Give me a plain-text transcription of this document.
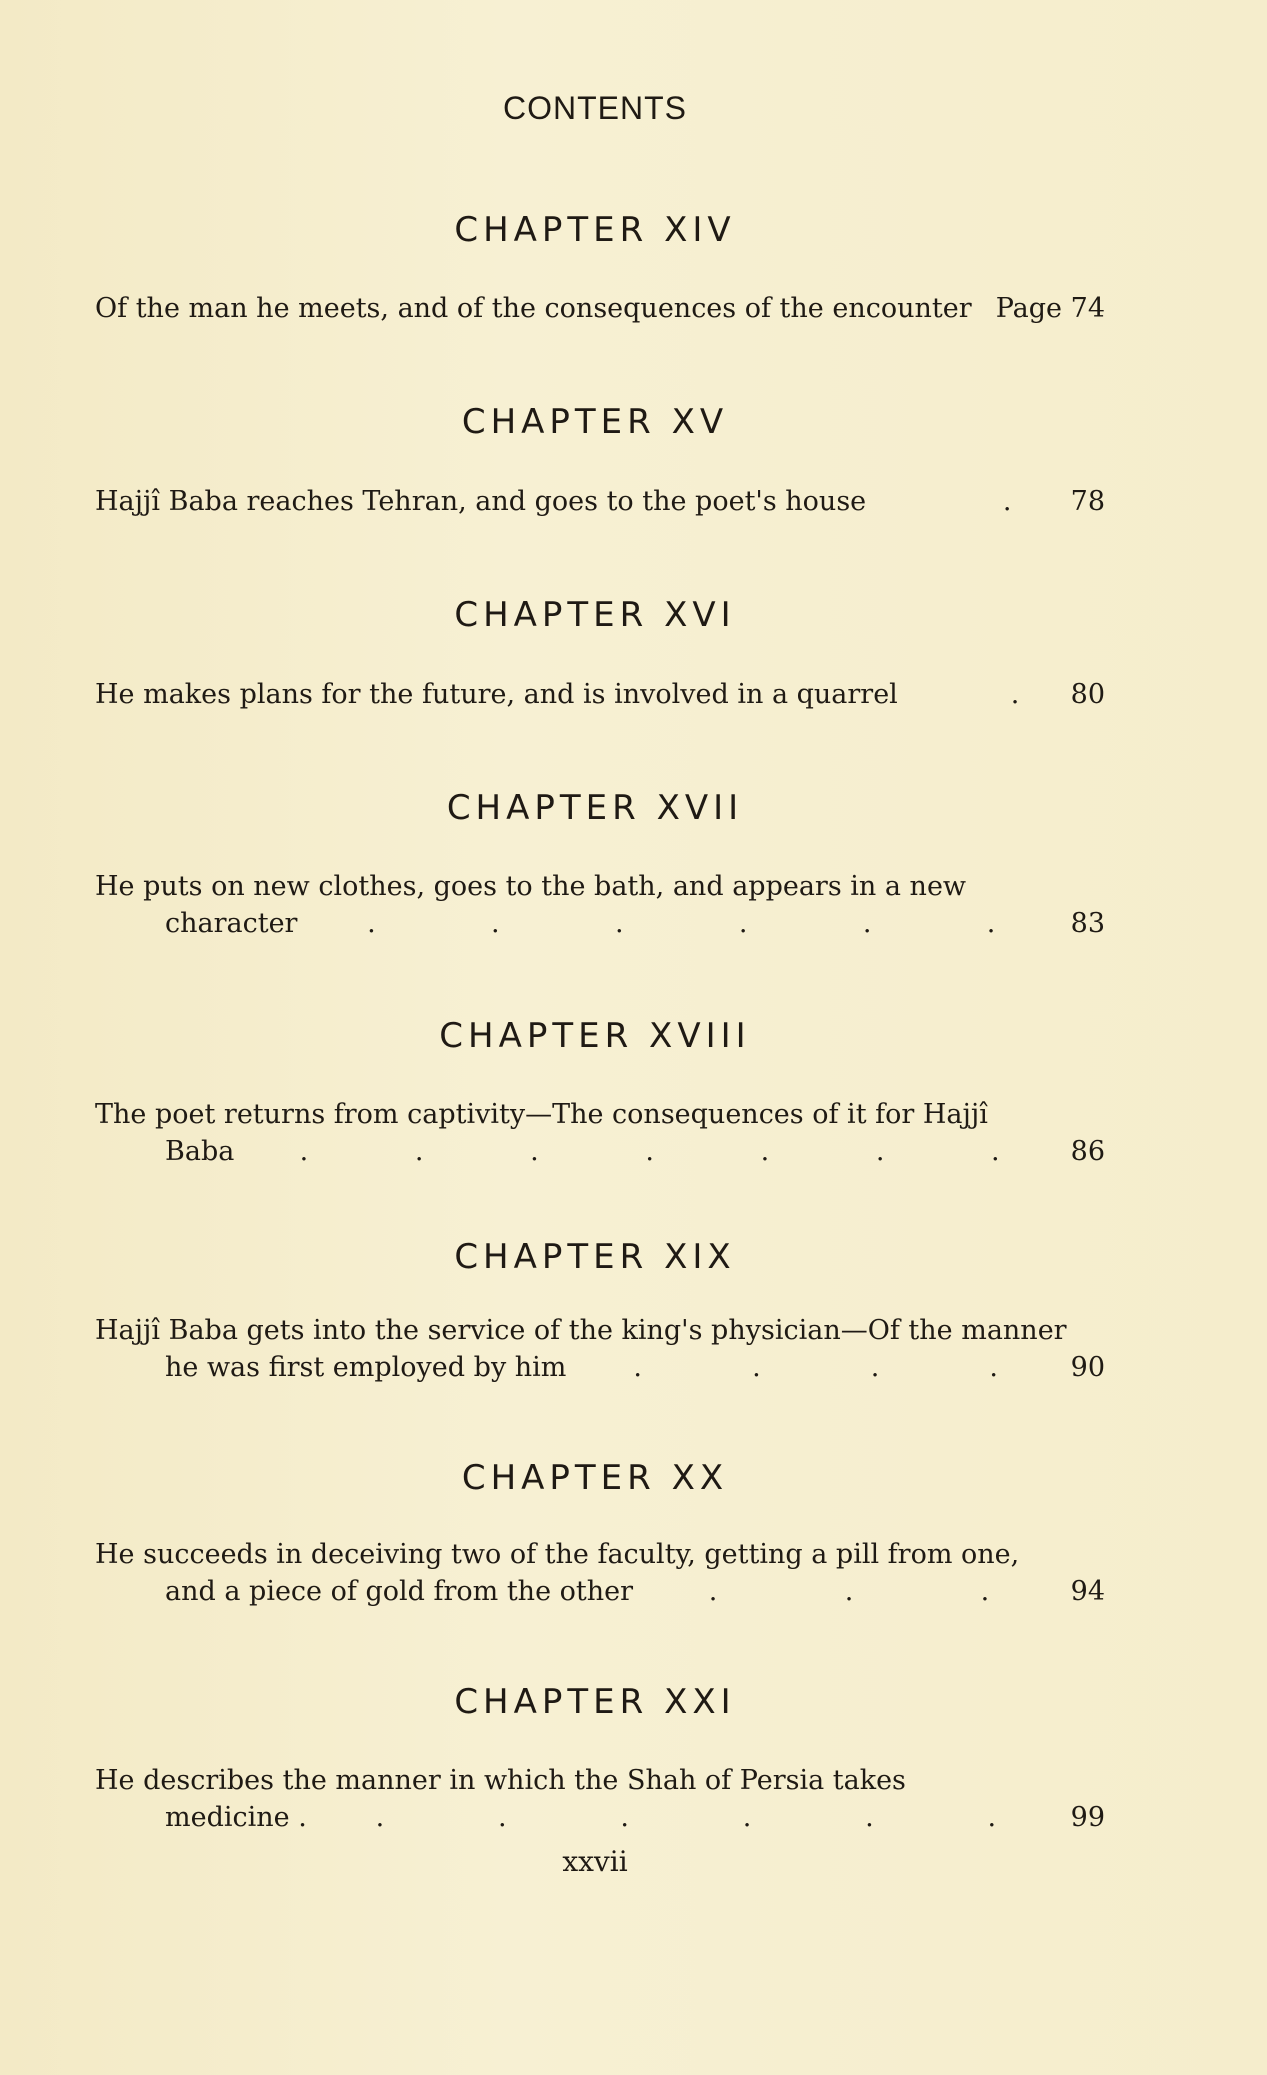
CONTENTS
CHAPTER XIV
Of the man he meets, and of the consequences of the encounter Page 74
CHAPTER XV
Hajjî Baba reaches Tehran, and goes to the poet's house	. 78
CHAPTER XVI
He makes plans for the future, and is involved in a quarrel	. 80
CHAPTER XVII
He puts on new clothes, goes to the bath, and appears in a new
character	.	.	.	.	.	.	83
CHAPTER XVIII
The poet returns from captivity—The consequences of it for Hajjî
Baba .	.	.	.	.	.	.	86
CHAPTER XIX
Hajjî Baba gets into the service of the king's physician—Of the manner
he was first employed by him .	.	.	.	90
CHAPTER XX
He succeeds in deceiving two of the faculty, getting a pill from one,
and a piece of gold from the other	.	.	.	94
CHAPTER XXI
He describes the manner in which the Shah of Persia takes
medicine .	.	.	.	.	.	.	99
xxvii
